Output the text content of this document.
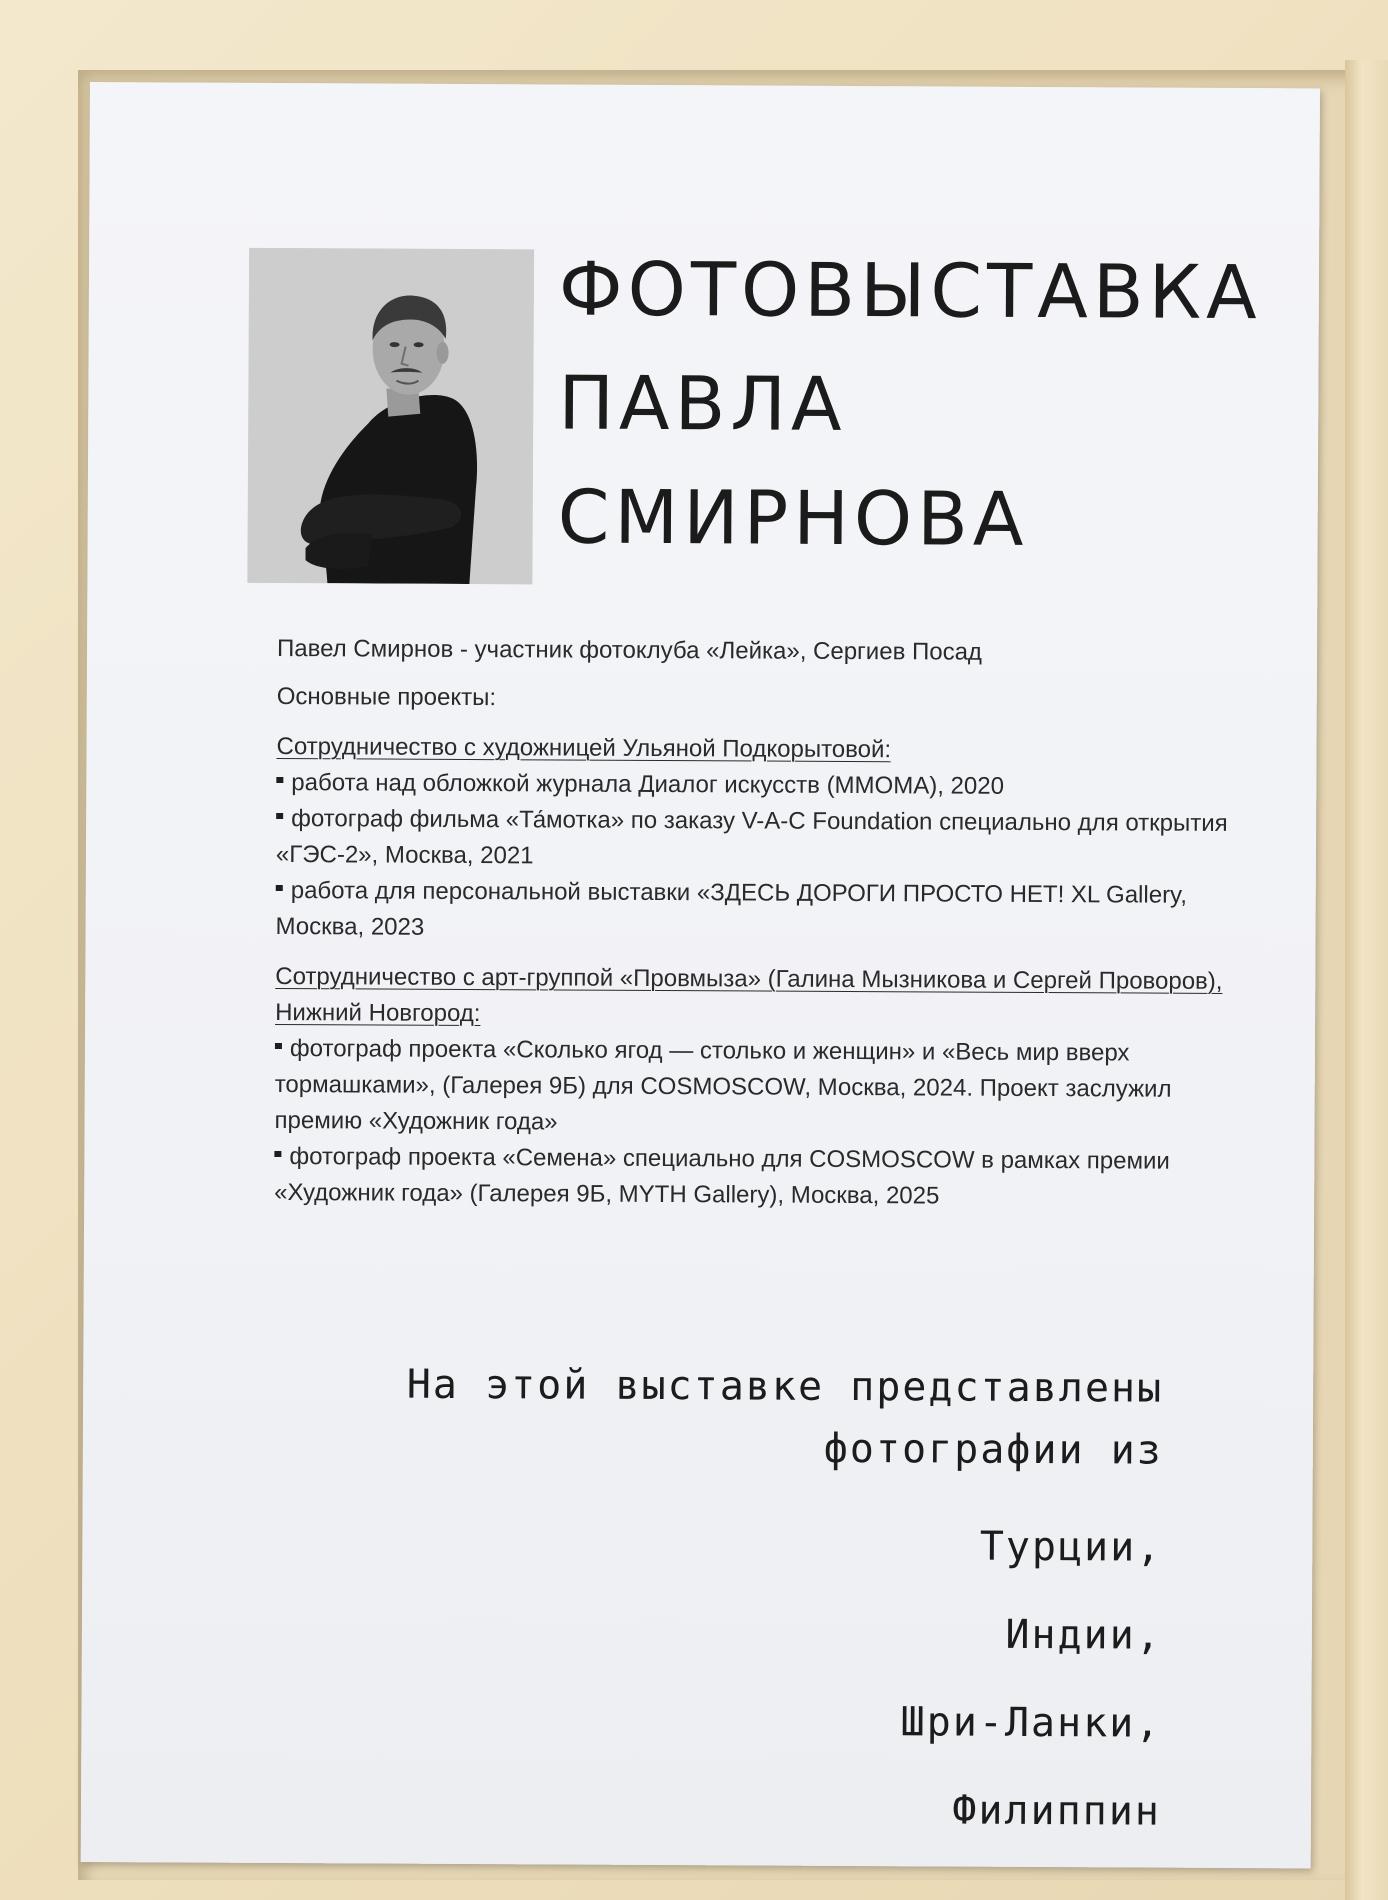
ФОТОВЫСТАВКА
ПАВЛА
СМИРНОВА

Павел Смирнов - участник фотоклуба «Лейка», Сергиев Посад

Основные проекты:

Сотрудничество с художницей Ульяной Подкорытовой:

работа над обложкой журнала Диалог искусств (ММОМА), 2020

фотограф фильма «Та́мотка» по заказу V-A-C Foundation специально для открытия «ГЭС-2», Москва, 2021

работа для персональной выставки «ЗДЕСЬ ДОРОГИ ПРОСТО НЕТ! XL Gallery, Москва, 2023

Сотрудничество с арт-группой «Провмыза» (Галина Мызникова и Сергей Проворов), Нижний Новгород:

фотограф проекта «Сколько ягод — столько и женщин» и «Весь мир вверх тормашками», (Галерея 9Б) для COSMOSCOW, Москва, 2024. Проект заслужил премию «Художник года»

фотограф проекта «Семена» специально для COSMOSCOW в рамках премии «Художник года» (Галерея 9Б, MYTH Gallery), Москва, 2025

На этой выставке представлены
фотографии из
Турции,
Индии,
Шри-Ланки,
Филиппин
